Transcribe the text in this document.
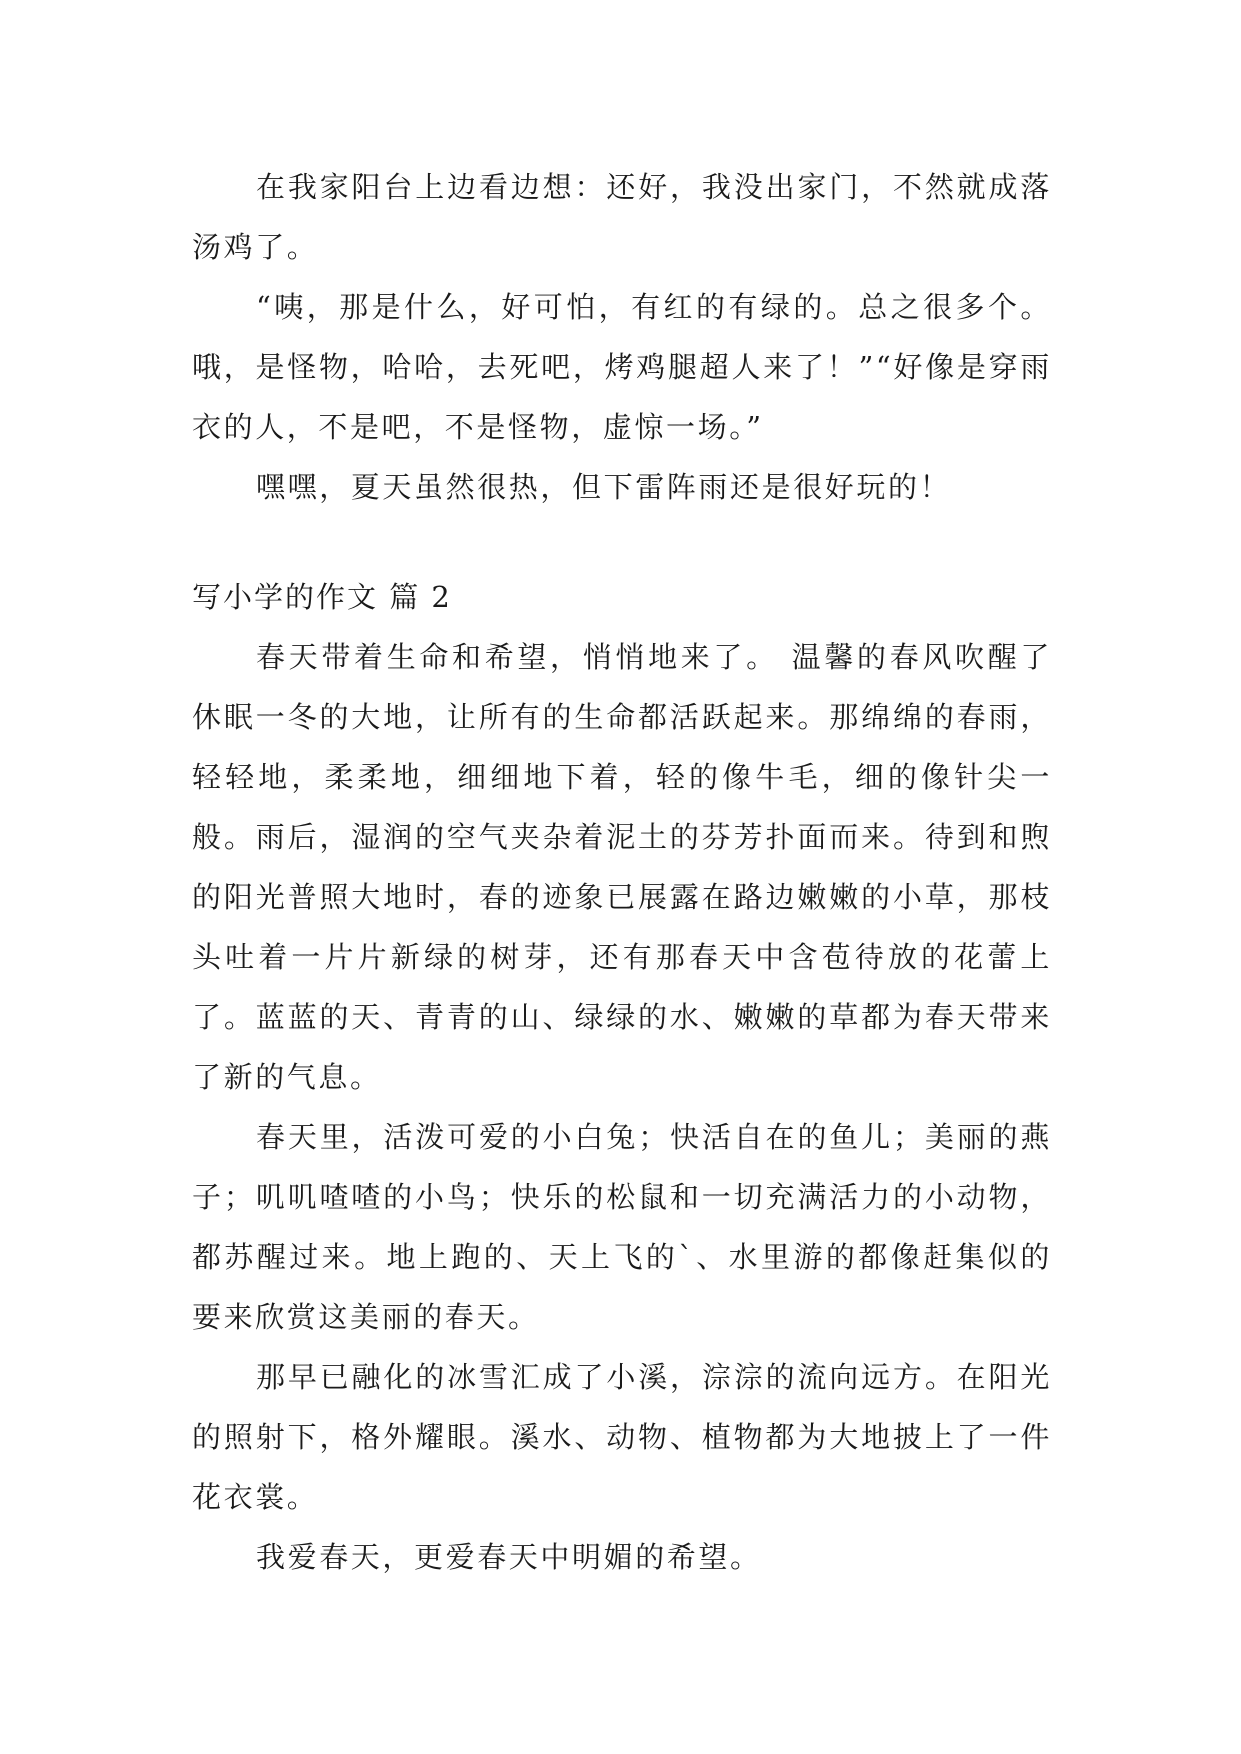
在我家阳台上边看边想：还好，我没出家门，不然就成落汤鸡了。

“咦，那是什么，好可怕，有红的有绿的。总之很多个。哦，是怪物，哈哈，去死吧，烤鸡腿超人来了！”“好像是穿雨衣的人，不是吧，不是怪物，虚惊一场。”

嘿嘿，夏天虽然很热，但下雷阵雨还是很好玩的！

写小学的作文 篇 2

春天带着生命和希望，悄悄地来了。 温馨的春风吹醒了休眠一冬的大地，让所有的生命都活跃起来。那绵绵的春雨，轻轻地，柔柔地，细细地下着，轻的像牛毛，细的像针尖一般。雨后，湿润的空气夹杂着泥土的芬芳扑面而来。待到和煦的阳光普照大地时，春的迹象已展露在路边嫩嫩的小草，那枝头吐着一片片新绿的树芽，还有那春天中含苞待放的花蕾上了。蓝蓝的天、青青的山、绿绿的水、嫩嫩的草都为春天带来了新的气息。

春天里，活泼可爱的小白兔；快活自在的鱼儿；美丽的燕子；叽叽喳喳的小鸟；快乐的松鼠和一切充满活力的小动物，都苏醒过来。地上跑的、天上飞的`、水里游的都像赶集似的要来欣赏这美丽的春天。

那早已融化的冰雪汇成了小溪，淙淙的流向远方。在阳光的照射下，格外耀眼。溪水、动物、植物都为大地披上了一件花衣裳。

我爱春天，更爱春天中明媚的希望。
